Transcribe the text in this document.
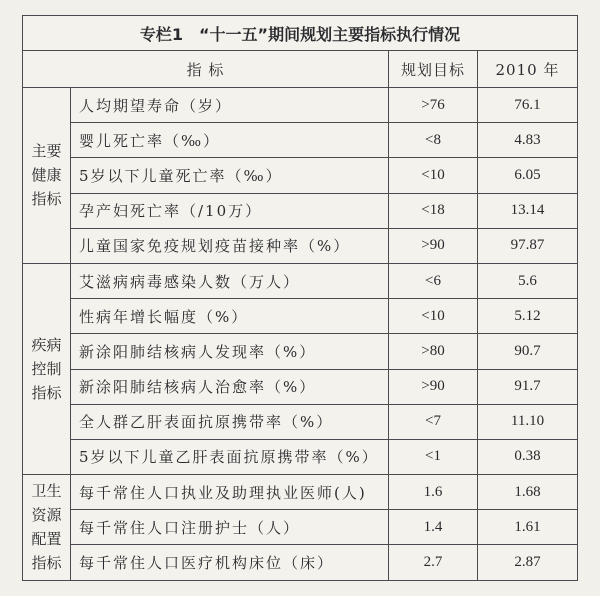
专栏1　“十一五”期间规划主要指标执行情况			
指 标		规划目标	2010 年

主要
健康
指标	人均期望寿命（岁）	>76	76.1
	婴儿死亡率（‰）	<8	4.83
	5岁以下儿童死亡率（‰）	<10	6.05
	孕产妇死亡率（/10万）	<18	13.14
	儿童国家免疫规划疫苗接种率（%）	>90	97.87

疾病
控制
指标	艾滋病病毒感染人数（万人）	<6	5.6
	性病年增长幅度（%）	<10	5.12
	新涂阳肺结核病人发现率（%）	>80	90.7
	新涂阳肺结核病人治愈率（%）	>90	91.7
	全人群乙肝表面抗原携带率（%）	<7	11.10
	5岁以下儿童乙肝表面抗原携带率（%）	<1	0.38

卫生
资源
配置
指标	每千常住人口执业及助理执业医师(人)	1.6	1.68
	每千常住人口注册护士（人）	1.4	1.61
	每千常住人口医疗机构床位（床）	2.7	2.87
